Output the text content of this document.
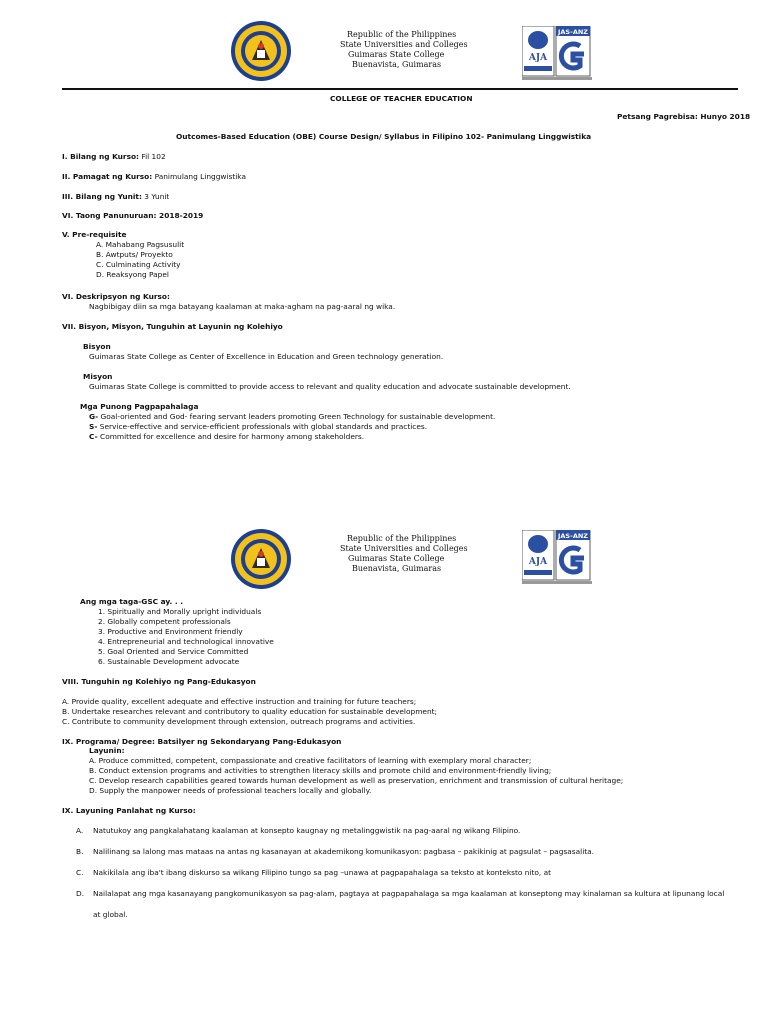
Republic of the Philippines
State Universities and Colleges
Guimaras State College
Buenavista, Guimaras
AJA
JAS-ANZ
COLLEGE OF TEACHER EDUCATION
Petsang Pagrebisa: Hunyo 2018
Outcomes-Based Education (OBE) Course Design/ Syllabus in Filipino 102- Panimulang Linggwistika
I. Bilang ng Kurso: Fil 102
II. Pamagat ng Kurso: Panimulang Linggwistika
III. Bilang ng Yunit: 3 Yunit
VI. Taong Panunuruan: 2018-2019
V. Pre-requisite
A. Mahabang Pagsusulit
B. Awtputs/ Proyekto
C. Culminating Activity
D. Reaksyong Papel
VI. Deskripsyon ng Kurso:
Nagbibigay diin sa mga batayang kaalaman at maka-agham na pag-aaral ng wika.
VII. Bisyon, Misyon, Tunguhin at Layunin ng Kolehiyo
Bisyon
Guimaras State College as Center of Excellence in Education and Green technology generation.
Misyon
Guimaras State College is committed to provide access to relevant and quality education and advocate sustainable development.
Mga Punong Pagpapahalaga
G- Goal-oriented and God- fearing servant leaders promoting Green Technology for sustainable development.
S- Service-effective and service-efficient professionals with global standards and practices.
C- Committed for excellence and desire for harmony among stakeholders.
Republic of the Philippines
State Universities and Colleges
Guimaras State College
Buenavista, Guimaras
AJA
JAS-ANZ
Ang mga taga-GSC ay. . .
1. Spiritually and Morally upright individuals
2. Globally competent professionals
3. Productive and Environment friendly
4. Entrepreneurial and technological innovative
5. Goal Oriented and Service Committed
6. Sustainable Development advocate
VIII. Tunguhin ng Kolehiyo ng Pang-Edukasyon
A. Provide quality, excellent adequate and effective instruction and training for future teachers;
B. Undertake researches relevant and contributory to quality education for sustainable development;
C. Contribute to community development through extension, outreach programs and activities.
IX. Programa/ Degree: Batsilyer ng Sekondaryang Pang-Edukasyon
Layunin:
A. Produce committed, competent, compassionate and creative facilitators of learning with exemplary moral character;
B. Conduct extension programs and activities to strengthen literacy skills and promote child and environment-friendly living;
C. Develop research capabilities geared towards human development as well as preservation, enrichment and transmission of cultural heritage;
D. Supply the manpower needs of professional teachers locally and globally.
IX. Layuning Panlahat ng Kurso:
A. Natutukoy ang pangkalahatang kaalaman at konsepto kaugnay ng metalinggwistik na pag-aaral ng wikang Filipino.
B. Nalilinang sa lalong mas mataas na antas ng kasanayan at akademikong komunikasyon: pagbasa – pakikinig at pagsulat – pagsasalita.
C. Nakikilala ang iba't ibang diskurso sa wikang Filipino tungo sa pag –unawa at pagpapahalaga sa teksto at konteksto nito, at
D. Nailalapat ang mga kasanayang pangkomunikasyon sa pag-alam, pagtaya at pagpapahalaga sa mga kaalaman at konseptong may kinalaman sa kultura at lipunang local
at global.
